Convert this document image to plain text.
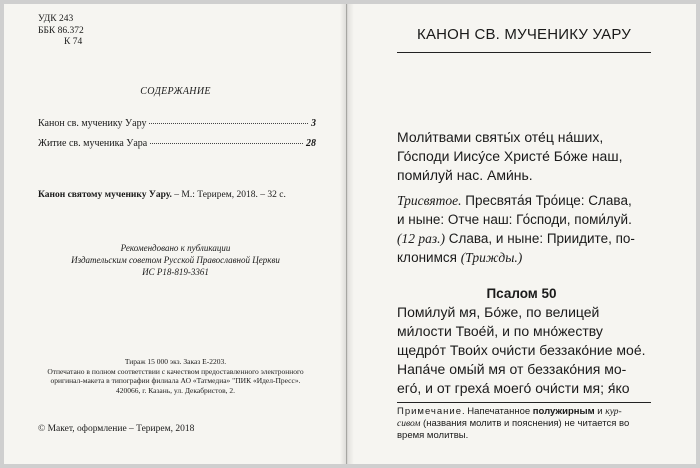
УДК 243
ББК 86.372
К 74
СОДЕРЖАНИЕ
Канон св. мученику Уару	3
Житие св. мученика Уара	28
Канон святому мученику Уару. – М.: Терирем, 2018. – 32 с.
Рекомендовано к публикации
Издательским советом Русской Православной Церкви
ИС Р18-819-3361
Тираж 15 000 экз. Заказ Е-2203.
Отпечатано в полном соответствии с качеством предоставленного электронного
оригинал-макета в типографии филиала АО «Татмедиа» "ПИК «Идел-Пресс».
420066, г. Казань, ул. Декабристов, 2.
© Макет, оформление – Терирем, 2018
КАНОН СВ. МУЧЕНИКУ УАРУ
Моли́твами святы́х оте́ц на́ших,
Го́споди Иису́се Христе́ Бо́же наш,
поми́луй нас. Ами́нь.
Трисвятое. Пресвята́я Тро́ице: Слава,
и ныне: Отче наш: Го́споди, поми́луй.
(12 раз.) Слава, и ныне: Приидите, по-
клонимся (Трижды.)
Псалом 50
Поми́луй мя, Бо́же, по велицей
ми́лости Твое́й, и по мно́жеству щедро́т Твои́х очи́сти беззако́ние мое́.
Напа́че омы́й мя от беззако́ния мо-
его́, и от греха́ моего́ очи́сти мя; я́ко
Примечание. Напечатанное полужирным и кур-
сивом (названия молитв и пояснения) не читается во
время молитвы.
